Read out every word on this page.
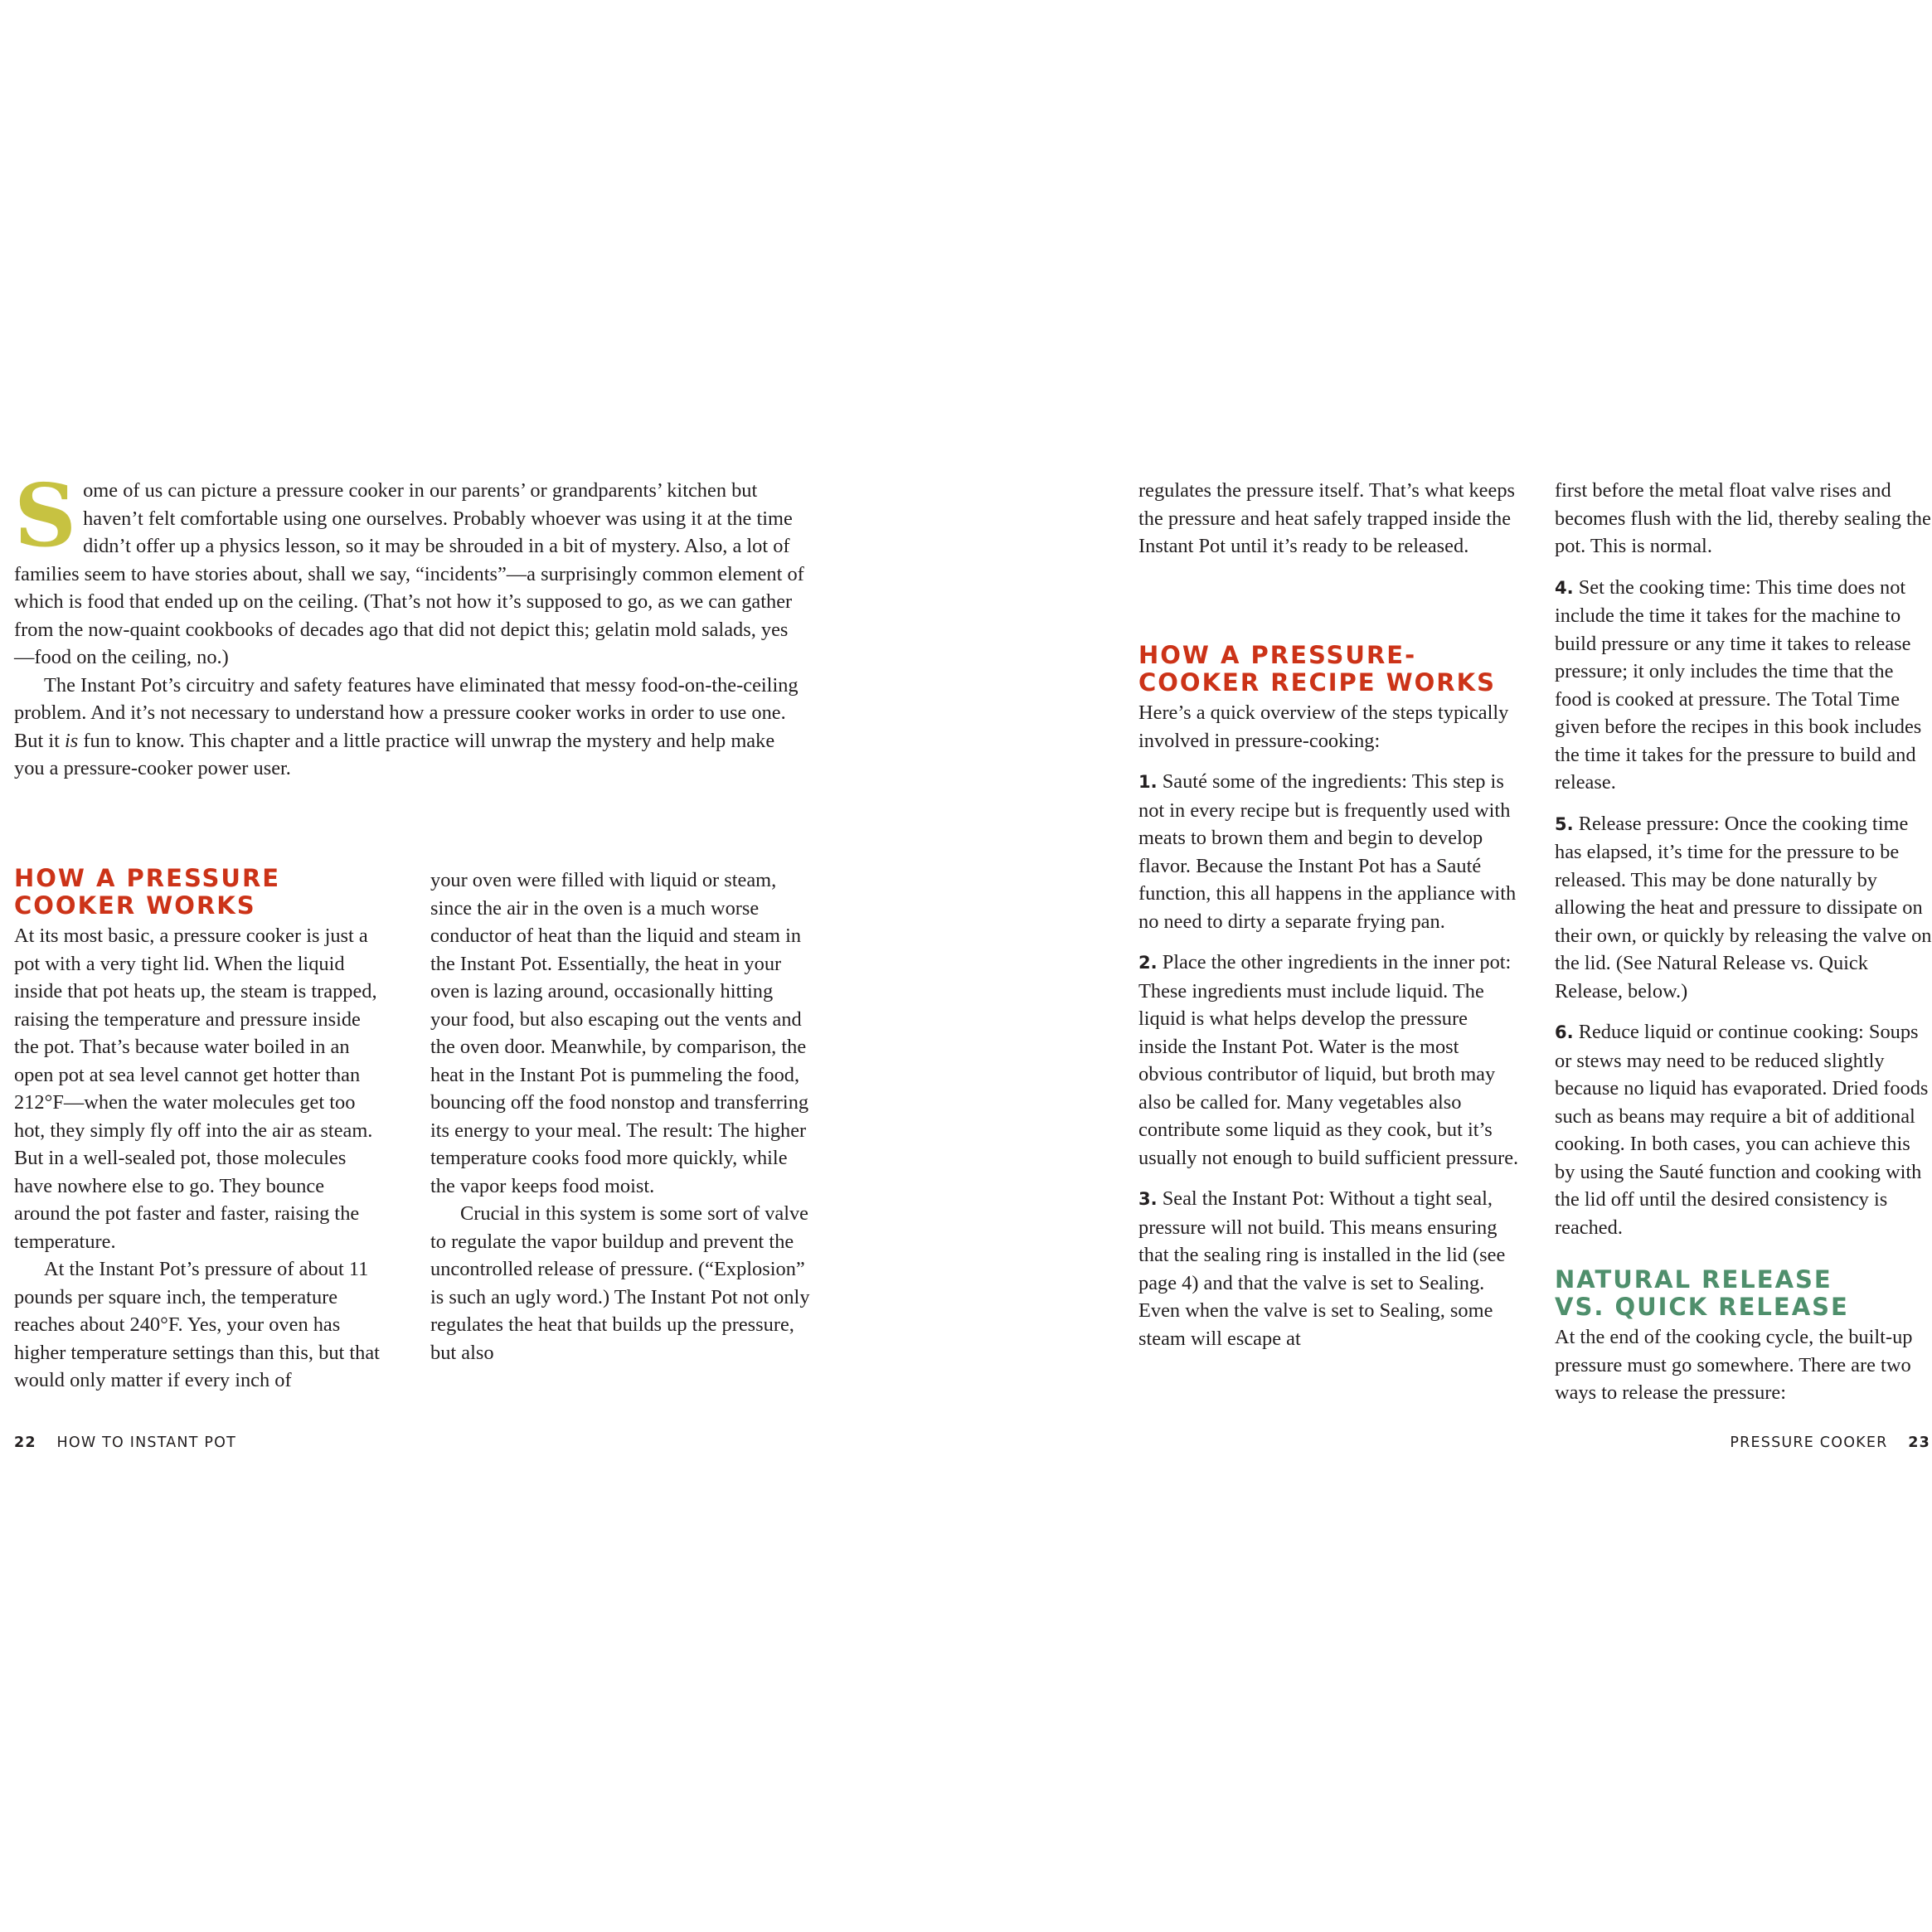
Some of us can picture a pressure cooker in our parents’ or grandparents’ kitchen but haven’t felt comfortable using one ourselves. Probably whoever was using it at the time didn’t offer up a physics lesson, so it may be shrouded in a bit of mystery. Also, a lot of families seem to have stories about, shall we say, “incidents”—a surprisingly common element of which is food that ended up on the ceiling. (That’s not how it’s supposed to go, as we can gather from the now-quaint cookbooks of decades ago that did not depict this; gelatin mold salads, yes—food on the ceiling, no.)

The Instant Pot’s circuitry and safety features have eliminated that messy food-on-the-ceiling problem. And it’s not necessary to understand how a pressure cooker works in order to use one. But it is fun to know. This chapter and a little practice will unwrap the mystery and help make you a pressure-cooker power user.

HOW A PRESSURE COOKER WORKS

At its most basic, a pressure cooker is just a pot with a very tight lid. When the liquid inside that pot heats up, the steam is trapped, raising the temperature and pressure inside the pot. That’s because water boiled in an open pot at sea level cannot get hotter than 212°F—when the water molecules get too hot, they simply fly off into the air as steam. But in a well-sealed pot, those molecules have nowhere else to go. They bounce around the pot faster and faster, raising the temperature.

At the Instant Pot’s pressure of about 11 pounds per square inch, the temperature reaches about 240°F. Yes, your oven has higher temperature settings than this, but that would only matter if every inch of

your oven were filled with liquid or steam, since the air in the oven is a much worse conductor of heat than the liquid and steam in the Instant Pot. Essentially, the heat in your oven is lazing around, occasionally hitting your food, but also escaping out the vents and the oven door. Meanwhile, by comparison, the heat in the Instant Pot is pummeling the food, bouncing off the food nonstop and transferring its energy to your meal. The result: The higher temperature cooks food more quickly, while the vapor keeps food moist.

Crucial in this system is some sort of valve to regulate the vapor buildup and prevent the uncontrolled release of pressure. (“Explosion” is such an ugly word.) The Instant Pot not only regulates the heat that builds up the pressure, but also

22 HOW TO INSTANT POT

regulates the pressure itself. That’s what keeps the pressure and heat safely trapped inside the Instant Pot until it’s ready to be released.

HOW A PRESSURE-COOKER RECIPE WORKS

Here’s a quick overview of the steps typically involved in pressure-cooking:

1. Sauté some of the ingredients: This step is not in every recipe but is frequently used with meats to brown them and begin to develop flavor. Because the Instant Pot has a Sauté function, this all happens in the appliance with no need to dirty a separate frying pan.

2. Place the other ingredients in the inner pot: These ingredients must include liquid. The liquid is what helps develop the pressure inside the Instant Pot. Water is the most obvious contributor of liquid, but broth may also be called for. Many vegetables also contribute some liquid as they cook, but it’s usually not enough to build sufficient pressure.

3. Seal the Instant Pot: Without a tight seal, pressure will not build. This means ensuring that the sealing ring is installed in the lid (see page 4) and that the valve is set to Sealing. Even when the valve is set to Sealing, some steam will escape at

first before the metal float valve rises and becomes flush with the lid, thereby sealing the pot. This is normal.

4. Set the cooking time: This time does not include the time it takes for the machine to build pressure or any time it takes to release pressure; it only includes the time that the food is cooked at pressure. The Total Time given before the recipes in this book includes the time it takes for the pressure to build and release.

5. Release pressure: Once the cooking time has elapsed, it’s time for the pressure to be released. This may be done naturally by allowing the heat and pressure to dissipate on their own, or quickly by releasing the valve on the lid. (See Natural Release vs. Quick Release, below.)

6. Reduce liquid or continue cooking: Soups or stews may need to be reduced slightly because no liquid has evaporated. Dried foods such as beans may require a bit of additional cooking. In both cases, you can achieve this by using the Sauté function and cooking with the lid off until the desired consistency is reached.

NATURAL RELEASE VS. QUICK RELEASE

At the end of the cooking cycle, the built-up pressure must go somewhere. There are two ways to release the pressure:

PRESSURE COOKER 23
